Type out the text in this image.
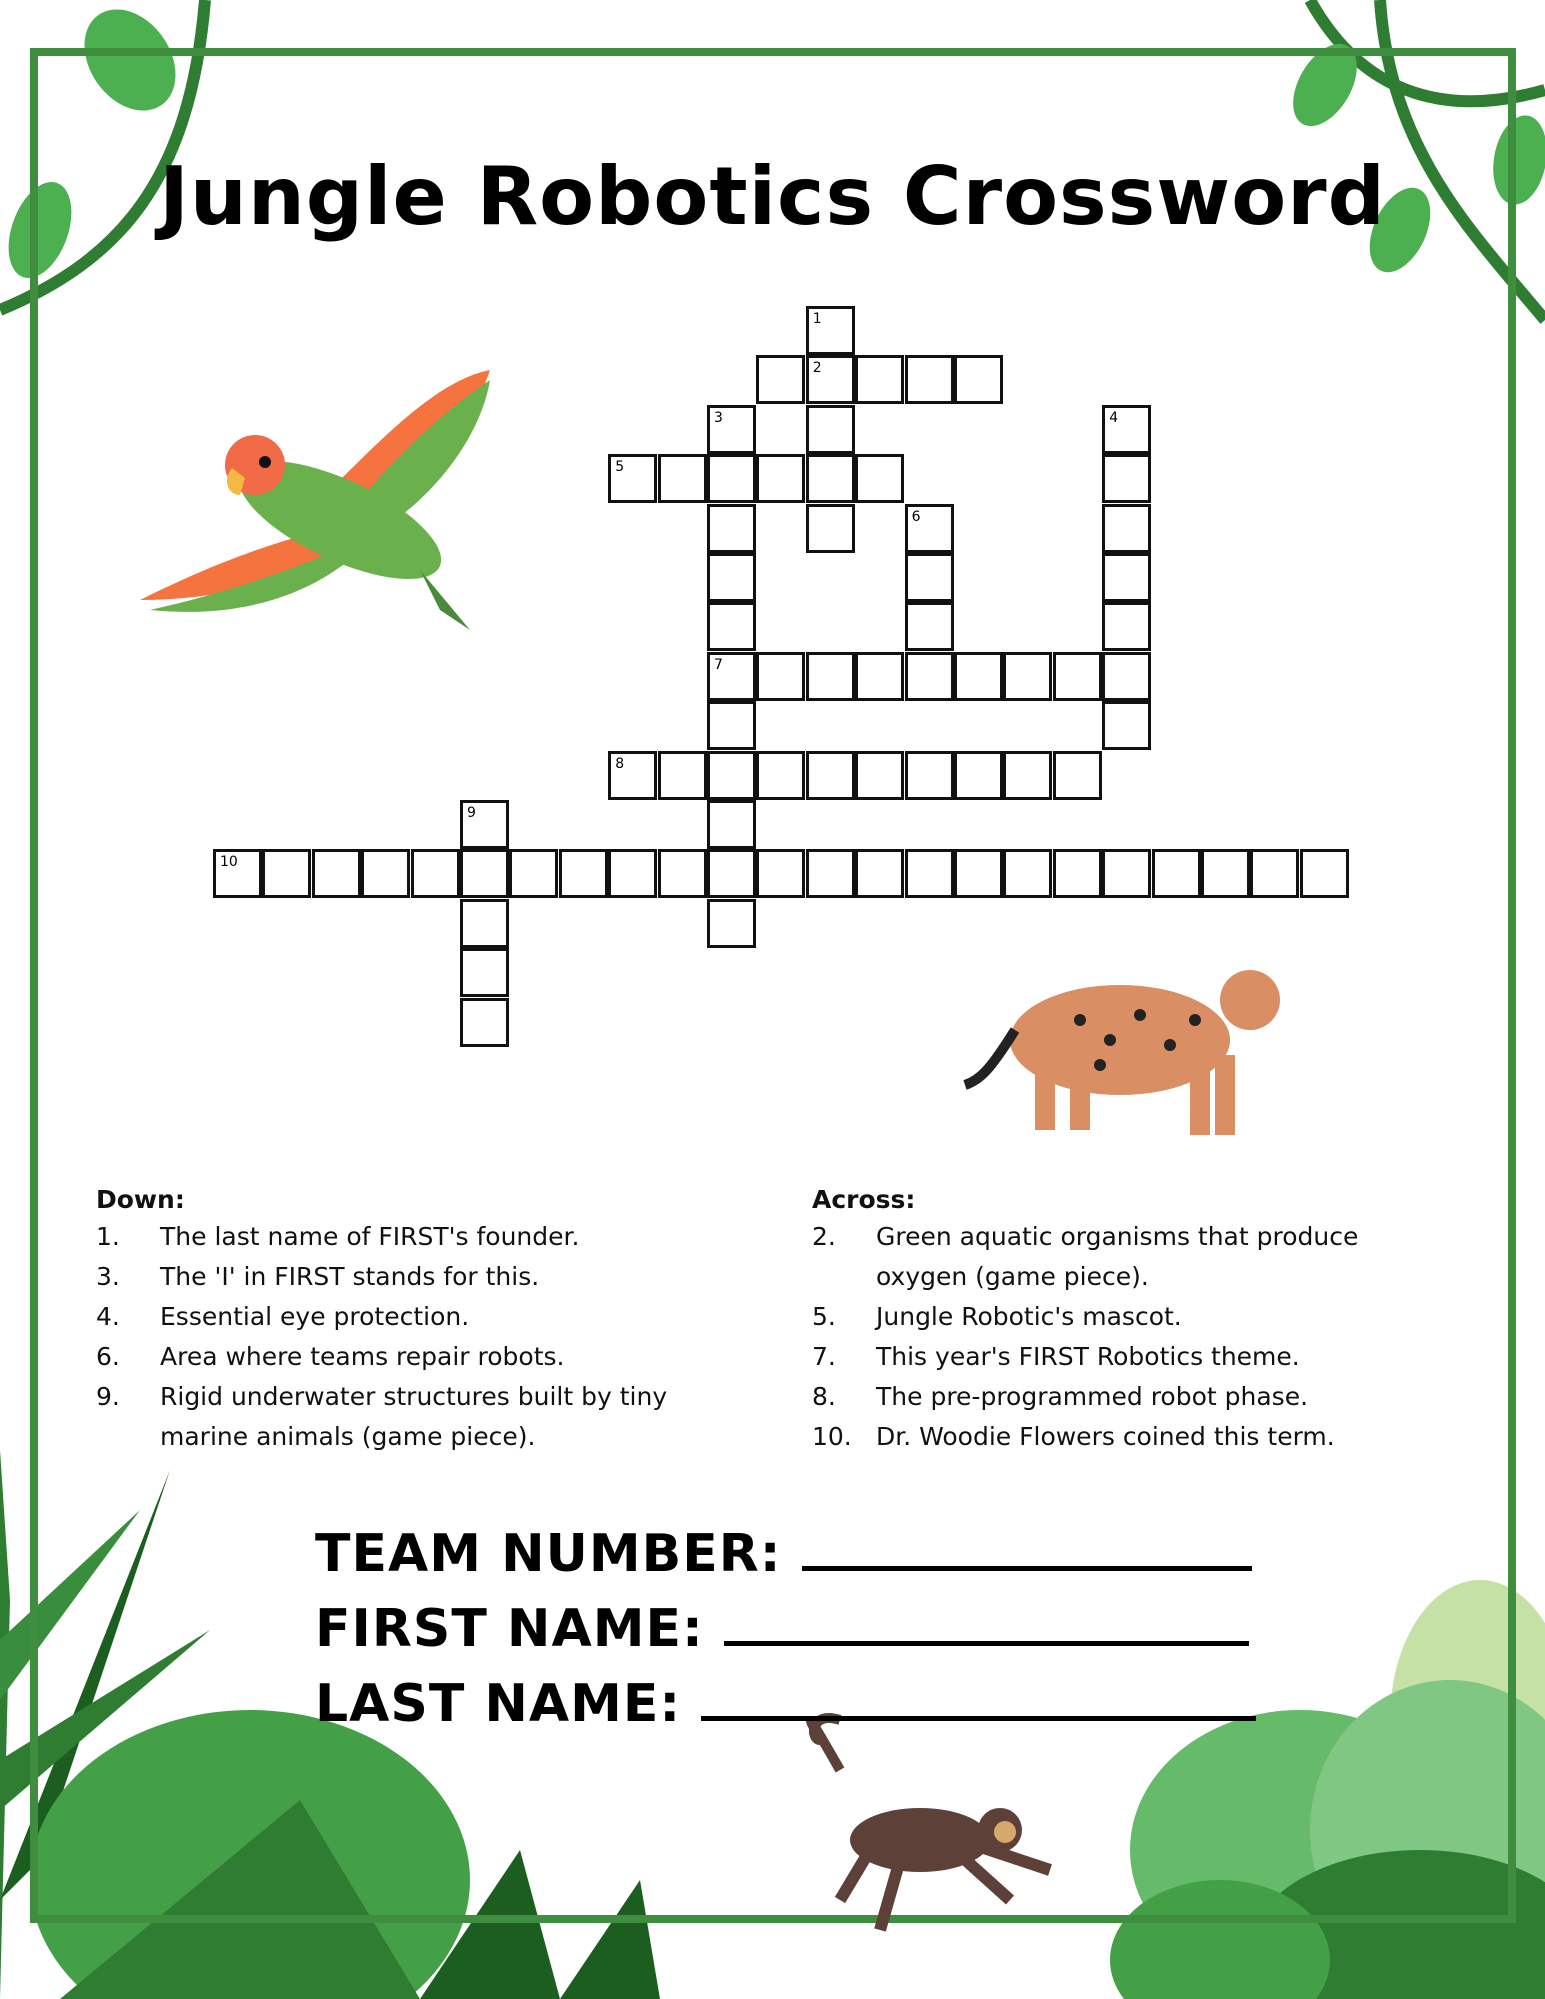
Jungle Robotics Crossword
2
5
7
8
10
1
3	4
6
9
Down:
1.	The last name of FIRST's founder.
3.	The 'I' in FIRST stands for this.
4.	Essential eye protection.
6.	Area where teams repair robots.
9.	Rigid underwater structures built by tiny marine animals (game piece).
Across:
2.	Green aquatic organisms that produce oxygen (game piece).
5.	Jungle Robotic's mascot.
7.	This year's FIRST Robotics theme.
8.	The pre-programmed robot phase.
10. Dr. Woodie Flowers coined this term.
TEAM NUMBER:
FIRST NAME:
LAST NAME:
